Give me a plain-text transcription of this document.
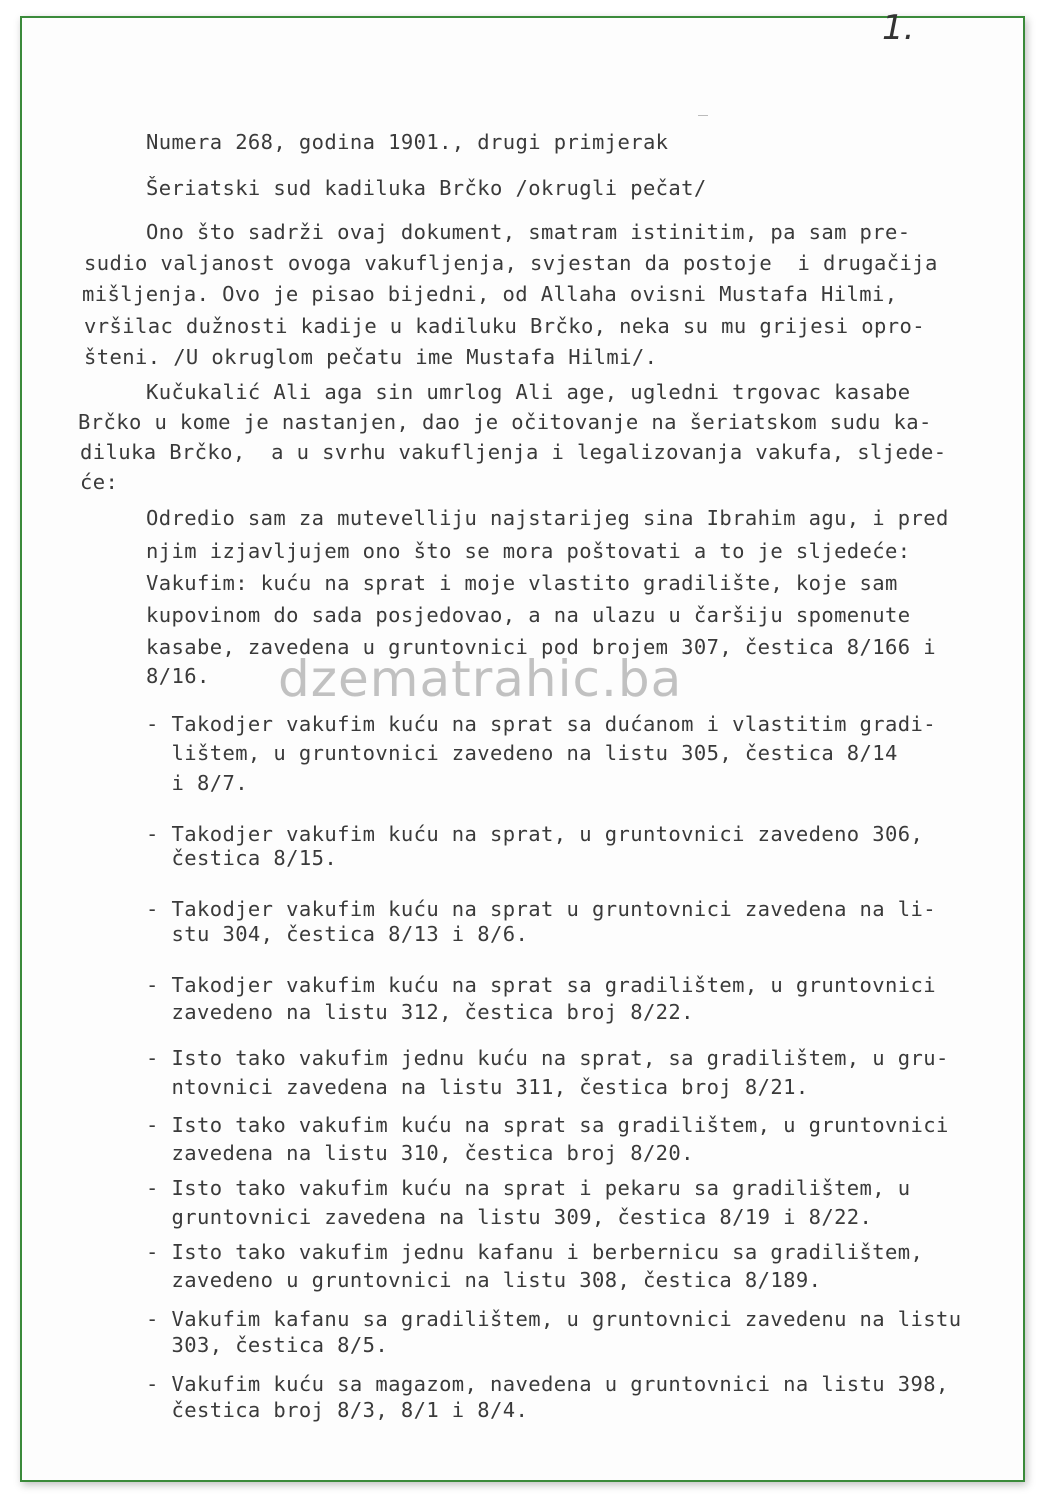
1.

Numera 268, godina 1901., drugi primjerak

Šeriatski sud kadiluka Brčko /okrugli pečat/

Ono što sadrži ovaj dokument, smatram istinitim, pa sam pre-

sudio valjanost ovoga vakufljenja, svjestan da postoje  i drugačija

mišljenja. Ovo je pisao bijedni, od Allaha ovisni Mustafa Hilmi,

vršilac dužnosti kadije u kadiluku Brčko, neka su mu grijesi opro-

šteni. /U okruglom pečatu ime Mustafa Hilmi/.

Kučukalić Ali aga sin umrlog Ali age, ugledni trgovac kasabe

Brčko u kome je nastanjen, dao je očitovanje na šeriatskom sudu ka-

diluka Brčko,  a u svrhu vakufljenja i legalizovanja vakufa, sljede-

će:

Odredio sam za mutevelliju najstarijeg sina Ibrahim agu, i pred

njim izjavljujem ono što se mora poštovati a to je sljedeće:

Vakufim: kuću na sprat i moje vlastito gradilište, koje sam

kupovinom do sada posjedovao, a na ulazu u čaršiju spomenute

kasabe, zavedena u gruntovnici pod brojem 307, čestica 8/166 i

8/16.

- Takodjer vakufim kuću na sprat sa dućanom i vlastitim gradi-

lištem, u gruntovnici zavedeno na listu 305, čestica 8/14

i 8/7.

- Takodjer vakufim kuću na sprat, u gruntovnici zavedeno 306,

čestica 8/15.

- Takodjer vakufim kuću na sprat u gruntovnici zavedena na li-

stu 304, čestica 8/13 i 8/6.

- Takodjer vakufim kuću na sprat sa gradilištem, u gruntovnici

zavedeno na listu 312, čestica broj 8/22.

- Isto tako vakufim jednu kuću na sprat, sa gradilištem, u gru-

ntovnici zavedena na listu 311, čestica broj 8/21.

- Isto tako vakufim kuću na sprat sa gradilištem, u gruntovnici

zavedena na listu 310, čestica broj 8/20.

- Isto tako vakufim kuću na sprat i pekaru sa gradilištem, u

gruntovnici zavedena na listu 309, čestica 8/19 i 8/22.

- Isto tako vakufim jednu kafanu i berbernicu sa gradilištem,

zavedeno u gruntovnici na listu 308, čestica 8/189.

- Vakufim kafanu sa gradilištem, u gruntovnici zavedenu na listu

303, čestica 8/5.

- Vakufim kuću sa magazom, navedena u gruntovnici na listu 398,

čestica broj 8/3, 8/1 i 8/4.

dzematrahic.ba
